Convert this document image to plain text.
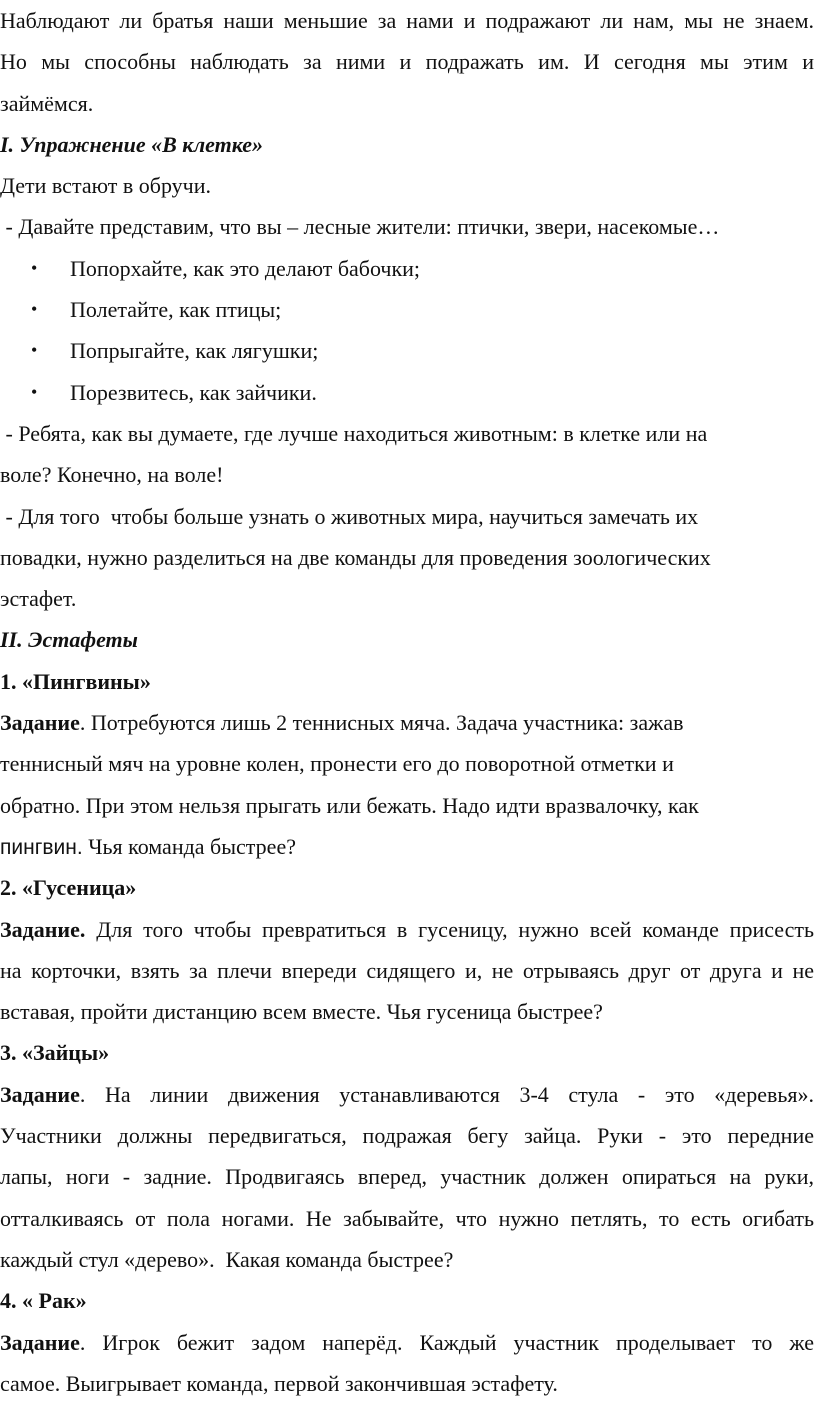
Наблюдают ли братья наши меньшие за нами и подражают ли нам, мы не знаем.
Но мы способны наблюдать за ними и подражать им. И сегодня мы этим и
займёмся.
I. Упражнение «В клетке»
Дети встают в обручи.
- Давайте представим, что вы – лесные жители: птички, звери, насекомые…
• Попорхайте, как это делают бабочки;
• Полетайте, как птицы;
• Попрыгайте, как лягушки;
• Порезвитесь, как зайчики.
- Ребята, как вы думаете, где лучше находиться животным: в клетке или на
воле? Конечно, на воле!
- Для того  чтобы больше узнать о животных мира, научиться замечать их
повадки, нужно разделиться на две команды для проведения зоологических
эстафет.
II. Эстафеты
1. «Пингвины»
Задание. Потребуются лишь 2 теннисных мяча. Задача участника: зажав
теннисный мяч на уровне колен, пронести его до поворотной отметки и
обратно. При этом нельзя прыгать или бежать. Надо идти вразвалочку, как
пингвин. Чья команда быстрее?
2. «Гусеница»
Задание. Для того чтобы превратиться в гусеницу, нужно всей команде присесть
на корточки, взять за плечи впереди сидящего и, не отрываясь друг от друга и не
вставая, пройти дистанцию всем вместе. Чья гусеница быстрее?
3. «Зайцы»
Задание. На линии движения устанавливаются 3-4 стула - это «деревья».
Участники должны передвигаться, подражая бегу зайца. Руки - это передние
лапы, ноги - задние. Продвигаясь вперед, участник должен опираться на руки,
отталкиваясь от пола ногами. Не забывайте, что нужно петлять, то есть огибать
каждый стул «дерево».  Какая команда быстрее?
4. « Рак»
Задание. Игрок бежит задом наперёд. Каждый участник проделывает то же
самое. Выигрывает команда, первой закончившая эстафету.
